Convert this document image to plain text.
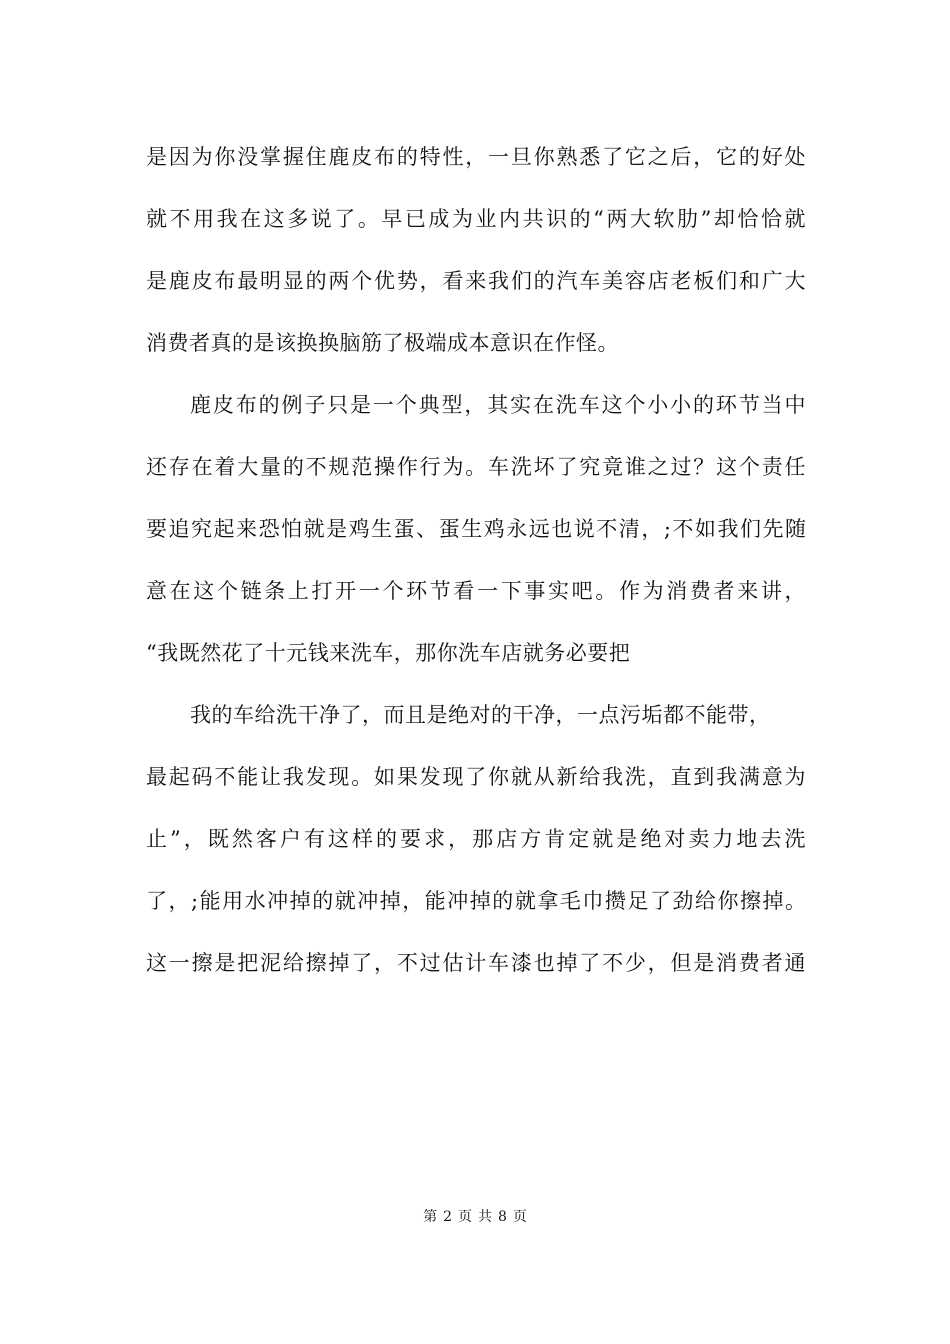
是因为你没掌握住鹿皮布的特性，一旦你熟悉了它之后，它的好处
就不用我在这多说了。早已成为业内共识的“两大软肋”却恰恰就
是鹿皮布最明显的两个优势，看来我们的汽车美容店老板们和广大
消费者真的是该换换脑筋了极端成本意识在作怪。
鹿皮布的例子只是一个典型，其实在洗车这个小小的环节当中
还存在着大量的不规范操作行为。车洗坏了究竟谁之过？这个责任
要追究起来恐怕就是鸡生蛋、蛋生鸡永远也说不清，;不如我们先随
意在这个链条上打开一个环节看一下事实吧。作为消费者来讲，
“我既然花了十元钱来洗车，那你洗车店就务必要把
我的车给洗干净了，而且是绝对的干净，一点污垢都不能带，
最起码不能让我发现。如果发现了你就从新给我洗，直到我满意为
止”，既然客户有这样的要求，那店方肯定就是绝对卖力地去洗
了，;能用水冲掉的就冲掉，能冲掉的就拿毛巾攒足了劲给你擦掉。
这一擦是把泥给擦掉了，不过估计车漆也掉了不少，但是消费者通
第 2 页 共 8 页
